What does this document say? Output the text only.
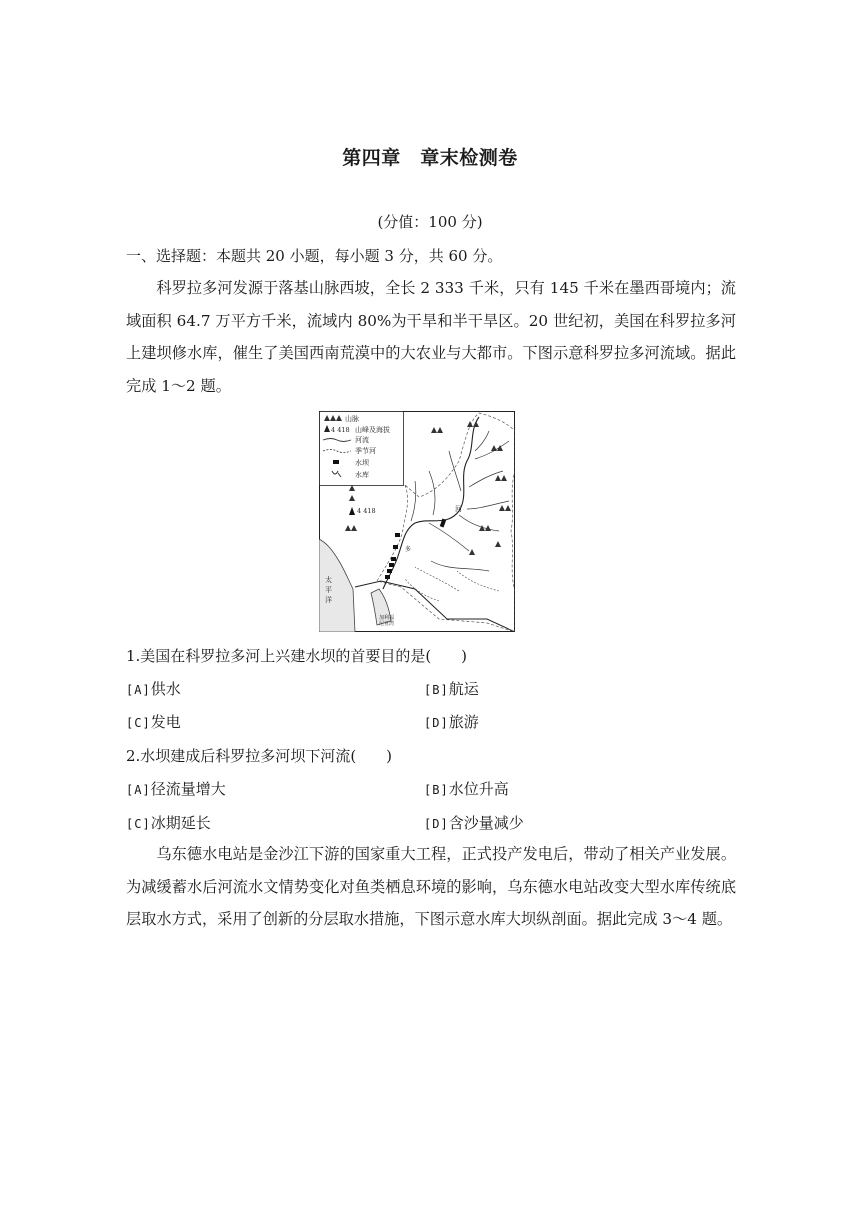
第四章　章末检测卷
(分值：100 分)
一、选择题：本题共 20 小题，每小题 3 分，共 60 分。
科罗拉多河发源于落基山脉西坡，全长 2 333 千米，只有 145 千米在墨西哥境内；流域面积 64.7 万平方千米，流域内 80%为干旱和半干旱区。20 世纪初，美国在科罗拉多河上建坝修水库，催生了美国西南荒漠中的大农业与大都市。下图示意科罗拉多河流域。据此完成 1～2 题。
山脉
4 418 山峰及海拔
河流
季节河
水坝
水库
太
平
洋
加利福
尼亚湾
4 418	河
多
1.美国在科罗拉多河上兴建水坝的首要目的是(　　)
[A]供水	[B]航运
[C]发电	[D]旅游
2.水坝建成后科罗拉多河坝下河流(　　)
[A]径流量增大	[B]水位升高
[C]冰期延长	[D]含沙量减少
乌东德水电站是金沙江下游的国家重大工程，正式投产发电后，带动了相关产业发展。为减缓蓄水后河流水文情势变化对鱼类栖息环境的影响，乌东德水电站改变大型水库传统底层取水方式，采用了创新的分层取水措施，下图示意水库大坝纵剖面。据此完成 3～4 题。
